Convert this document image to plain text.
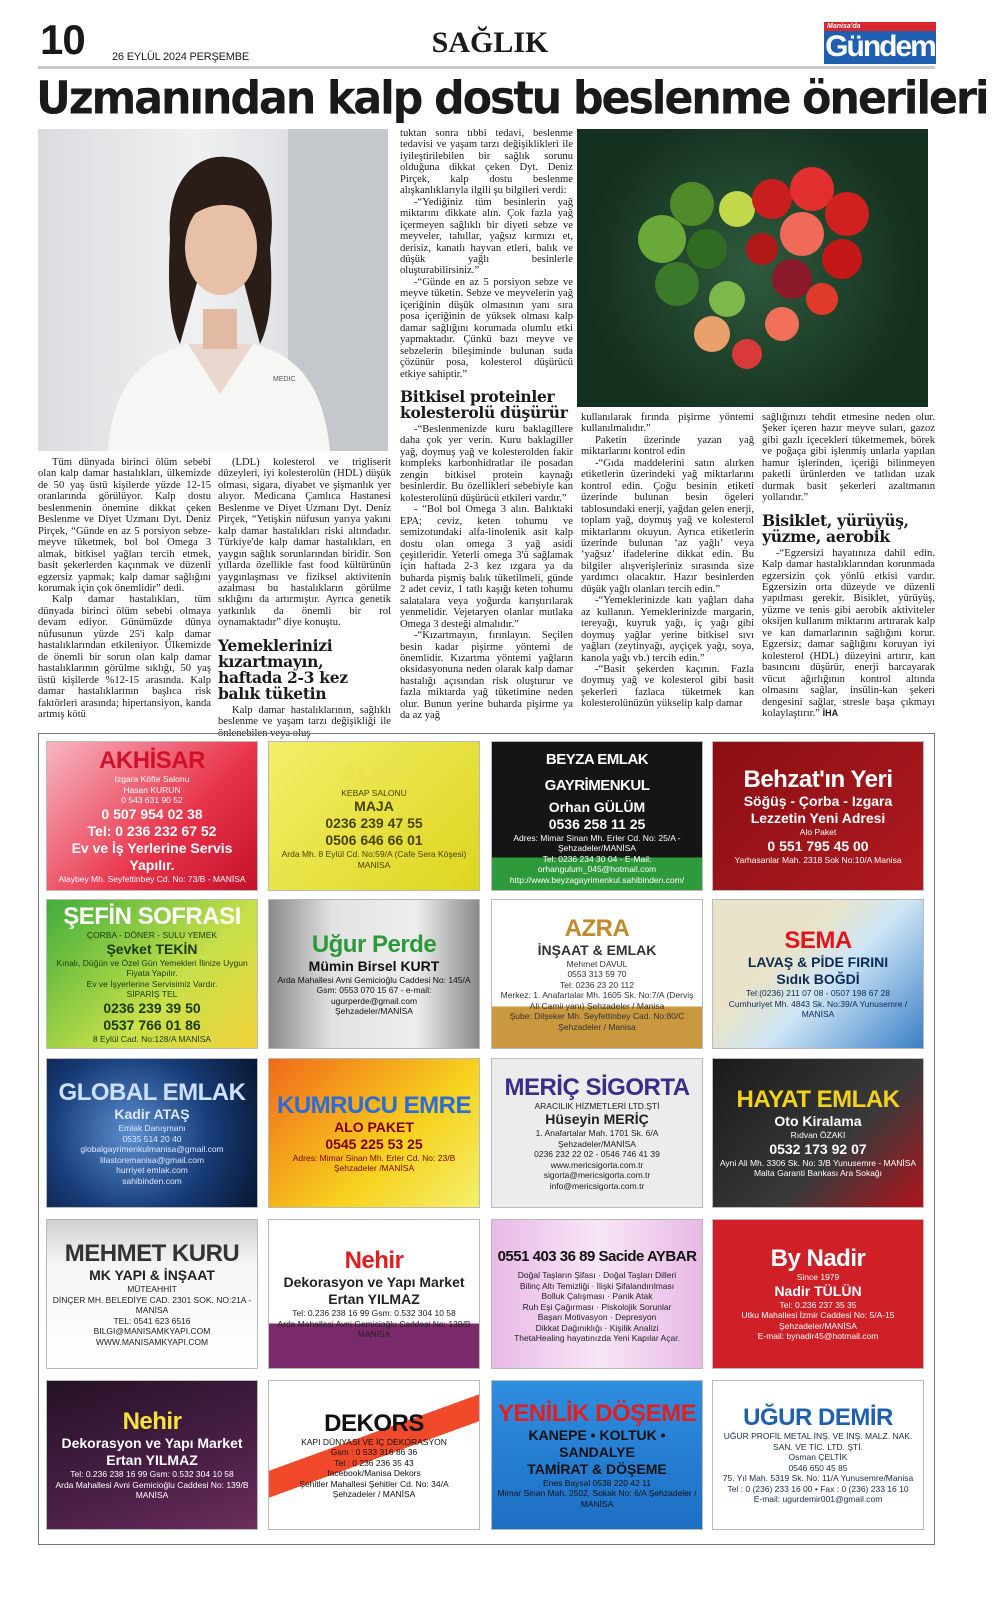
10 26 EYLÜL 2024 PERŞEMBE	SAĞLIK	Manisa'da
Gündem
Uzmanından kalp dostu beslenme önerileri
MEDIC

Tüm dünyada birinci ölüm sebebi olan kalp damar hastalıkları, ülkemizde de 50 yaş üstü kişilerde yüzde 12-15 oranlarında görülüyor. Kalp dostu beslenmenin önemine dikkat çeken Beslenme ve Diyet Uzmanı Dyt. Deniz Pirçek, “Günde en az 5 porsiyon sebze-meyve tüketmek, bol bol Omega 3 almak, bitkisel yağları tercih etmek, basit şekerlerden kaçınmak ve düzenli egzersiz yapmak; kalp damar sağlığını korumak için çok önemlidir” dedi.

Kalp damar hastalıkları, tüm dünyada birinci ölüm sebebi olmaya devam ediyor. Günümüzde dünya nüfusunun yüzde 25'i kalp damar hastalıklarından etkileniyor. Ülkemizde de önemli bir sorun olan kalp damar hastalıklarının görülme sıklığı, 50 yaş üstü kişilerde %12-15 arasında. Kalp damar hastalıklarının başlıca risk faktörleri arasında; hipertansiyon, kanda artmış kötü

(LDL) kolesterol ve trigliserit düzeyleri, iyi kolesterolün (HDL) düşük olması, sigara, diyabet ve şişmanlık yer alıyor. Medicana Çamlıca Hastanesi Beslenme ve Diyet Uzmanı Dyt. Deniz Pirçek, “Yetişkin nüfusun yarıya yakını kalp damar hastalıkları riski altındadır. Türkiye'de kalp damar hastalıkları, en yaygın sağlık sorunlarından biridir. Son yıllarda özellikle fast food kültürünün yaygınlaşması ve fiziksel aktivitenin azalması bu hastalıkların görülme sıklığını da artırmıştır. Ayrıca genetik yatkınlık da önemli bir rol oynamaktadır” diye konuştu.

Yemeklerinizi kızartmayın, haftada 2-3 kez balık tüketin

Kalp damar hastalıklarının, sağlıklı beslenme ve yaşam tarzı değişikliği ile önlenebilen veya oluş-

tuktan sonra tıbbi tedavi, beslenme tedavisi ve yaşam tarzı değişiklikleri ile iyileştirilebilen bir sağlık sorunu olduğuna dikkat çeken Dyt. Deniz Pirçek, kalp dostu beslenme alışkanlıklarıyla ilgili şu bilgileri verdi:

-“Yediğiniz tüm besinlerin yağ miktarını dikkate alın. Çok fazla yağ içermeyen sağlıklı bir diyeti sebze ve meyveler, tahıllar, yağsız kırmızı et, derisiz, kanatlı hayvan etleri, balık ve düşük yağlı besinlerle oluşturabilirsiniz.”

-“Günde en az 5 porsiyon sebze ve meyve tüketin. Sebze ve meyvelerin yağ içeriğinin düşük olmasının yanı sıra posa içeriğinin de yüksek olması kalp damar sağlığını korumada olumlu etki yapmaktadır. Çünkü bazı meyve ve sebzelerin bileşiminde bulunan suda çözünür posa, kolesterol düşürücü etkiye sahiptir.”

Bitkisel proteinler kolesterolü düşürür

-“Beslenmenizde kuru baklagillere daha çok yer verin. Kuru baklagiller yağ, doymuş yağ ve kolesterolden fakir kompleks karbonhidratlar ile posadan zengin bitkisel protein kaynağı besinlerdir. Bu özellikleri sebebiyle kan kolesterolünü düşürücü etkileri vardır.”

- “Bol bol Omega 3 alın. Balıktaki EPA; ceviz, keten tohumu ve semizotundaki alfa-linolenik asit kalp dostu olan omega 3 yağ asidi çeşitleridir. Yeterli omega 3'ü sağlamak için haftada 2-3 kez ızgara ya da buharda pişmiş balık tüketilmeli, günde 2 adet ceviz, 1 tatlı kaşığı keten tohumu salatalara veya yoğurda karıştırılarak yenmelidir. Vejetaryen olanlar mutlaka Omega 3 desteği almalıdır.”

-“Kızartmayın, fırınlayın. Seçilen besin kadar pişirme yöntemi de önemlidir. Kızartma yöntemi yağların oksidasyonuna neden olarak kalp damar hastalığı açısından risk oluşturur ve fazla miktarda yağ tüketimine neden olur. Bunun yerine buharda pişirme ya da az yağ

kullanılarak fırında pişirme yöntemi kullanılmalıdır.”

Paketin üzerinde yazan yağ miktarlarını kontrol edin

-“Gıda maddelerini satın alırken etiketlerin üzerindeki yağ miktarlarını kontrol edin. Çoğu besinin etiketi üzerinde bulunan besin ögeleri tablosundaki enerji, yağdan gelen enerji, toplam yağ, doymuş yağ ve kolesterol miktarlarını okuyun. Ayrıca etiketlerin üzerinde bulunan ‘az yağlı’ veya ‘yağsız’ ifadelerine dikkat edin. Bu bilgiler alışverişleriniz sırasında size yardımcı olacaktır. Hazır besinlerden düşük yağlı olanları tercih edin.”

-“Yemeklerinizde katı yağları daha az kullanın. Yemeklerinizde margarin, tereyağı, kuyruk yağı, iç yağı gibi doymuş yağlar yerine bitkisel sıvı yağları (zeytinyağı, ayçiçek yağı, soya, kanola yağı vb.) tercih edin.”

-“Basit şekerden kaçının. Fazla doymuş yağ ve kolesterol gibi basit şekerleri fazlaca tüketmek kan kolesterolünüzün yükselip kalp damar

sağlığınızı tehdit etmesine neden olur. Şeker içeren hazır meyve suları, gazoz gibi gazlı içecekleri tüketmemek, börek ve poğaça gibi işlenmiş unlarla yapılan hamur işlerinden, içeriği bilinmeyen paketli ürünlerden ve tatlıdan uzak durmak basit şekerleri azaltmanın yollarıdır.”

Bisiklet, yürüyüş, yüzme, aerobik

-“Egzersizi hayatınıza dahil edin. Kalp damar hastalıklarından korunmada egzersizin çok yönlü etkisi vardır. Egzersizin orta düzeyde ve düzenli yapılması gerekir. Bisiklet, yürüyüş, yüzme ve tenis gibi aerobik aktiviteler oksijen kullanım miktarını artırarak kalp ve kan damarlarının sağlığını korur. Egzersiz; damar sağlığını koruyan iyi kolesterol (HDL) düzeyini artırır, kan basıncını düşürür, enerji harcayarak vücut ağırlığının kontrol altında olmasını sağlar, insülin-kan şekeri dengesini sağlar, stresle başa çıkmayı kolaylaştırır.” İHA

AKHİSAR
Izgara Köfte Salonu
Hasan KURUN
0 543 631 90 52
0 507 954 02 38
Tel: 0 236 232 67 52
Ev ve İş Yerlerine Servis Yapılır.
Alaybey Mh. Seyfettinbey Cd. No: 73/B - MANİSA
ALTIN
KEBAP SALONU
MAJA
0236 239 47 55
0506 646 66 01
Arda Mh. 8 Eylül Cd. No:59/A (Cafe Sera Köşesi) MANİSA
BEYZA EMLAK GAYRİMENKUL
Orhan GÜLÜM
0536 258 11 25
Adres: Mimar Sinan Mh. Erler Cd. No: 25/A - Şehzadeler/MANİSA
Tel: 0236 234 30 04 - E-Mail: orhangulum_045@hotmail.com
http://www.beyzagayrimenkul.sahibinden.com/
Behzat'ın Yeri
Söğüş - Çorba - Izgara
Lezzetin Yeni Adresi
Alo Paket
0 551 795 45 00
Yarhasanlar Mah. 2318 Sok No:10/A Manisa
ŞEFİN SOFRASI
ÇORBA - DÖNER - SULU YEMEK
Şevket TEKİN
Kınalı, Düğün ve Özel Gün Yemekleri İlinize Uygun Fiyata Yapılır.
Ev ve İşyerlerine Servisimiz Vardır.
SİPARİŞ TEL
0236 239 39 50
0537 766 01 86
8 Eylül Cad. No:128/A MANİSA
Uğur Perde
Mümin Birsel KURT
Arda Mahallesi Avni Gemicioğlu Caddesi No: 145/A
Gsm: 0553 070 15 67 - e-mail: ugurperde@gmail.com
Şehzadeler/MANİSA
AZRA
İNŞAAT & EMLAK
Mehmet DAVUL
0553 313 59 70
Tel: 0236 23 20 112
Merkez: 1. Anafartalar Mh. 1605 Sk. No:7/A (Derviş Ali Camii yanı) Şehzadeler / Manisa
Şube: Dilşeker Mh. Seyfettinbey Cad. No:80/C Şehzadeler / Manisa
SEMA
LAVAŞ & PİDE FIRINI
Sıdık BOĞDİ
Tel:(0236) 211 07 08 - 0507 198 67 28
Cumhuriyet Mh. 4843 Sk. No:39/A Yunusemre / MANİSA
GLOBAL EMLAK
Kadir ATAŞ
Emlak Danışmanı
0535 514 20 40
globalgayrimenkulmanisa@gmail.com
lilastoremanisa@gmail.com
hurriyet emlak.com
sahibinden.com
KUMRUCU EMRE
ALO PAKET
0545 225 53 25
Adres: Mimar Sinan Mh. Erler Cd. No: 23/B
Şehzadeler /MANİSA
MERİÇ SİGORTA
ARACILIK HİZMETLERİ LTD.ŞTİ
Hüseyin MERİÇ
1. Anafartalar Mah. 1701 Sk. 6/A Şehzadeler/MANİSA
0236 232 22 02 - 0546 746 41 39
www.mericsigorta.com.tr
sigorta@mericsigorta.com.tr
info@mericsigorta.com.tr
HAYAT EMLAK
Oto Kiralama
Rıdvan ÖZAKI
0532 173 92 07
Ayni Ali Mh. 3306 Sk. No: 3/B Yunusemre - MANİSA
Malta Garanti Bankası Ara Sokağı
MEHMET KURU
MK YAPI & İNŞAAT
MÜTEAHHİT
DİNÇER MH. BELEDİYE CAD. 2301 SOK. NO:21A - MANİSA
TEL: 0541 623 6516
BILGI@MANISAMKYAPI.COM WWW.MANISAMKYAPI.COM
Nehir
Dekorasyon ve Yapı Market
Ertan YILMAZ
Tel: 0.236 238 16 99 Gsm: 0.532 304 10 58
Arda Mahallesi Avni Gemicioğlu Caddesi No: 139/B MANİSA
0551 403 36 89 Sacide AYBAR
Doğal Taşların Şifası · Doğal Taşları Dilleri
Bilinç Altı Temizliği · İlişki Şifalandırılması
Bolluk Çalışması · Panik Atak
Ruh Eşi Çağırması · Piskolojik Sorunlar
Başarı Motivasyon · Depresyon
Dikkat Dağınıklığı · Kişilik Analizi
ThetaHealing hayatınızda Yeni Kapılar Açar.
By Nadir
Since 1979
Nadir TÜLÜN
Tel: 0.236 237 35 35
Utku Mahallesi İzmir Caddesi No: 5/A-15 Şehzadeler/MANİSA
E-mail: bynadir45@hotmail.com
Nehir
Dekorasyon ve Yapı Market
Ertan YILMAZ
Tel: 0.236 238 16 99 Gsm: 0.532 304 10 58
Arda Mahallesi Avni Gemicioğlu Caddesi No: 139/B MANİSA
DEKORS
KAPI DÜNYASI VE İÇ DEKORASYON
Gsm : 0 533 316 86 36
Tel : 0 236 236 35 43
facebook/Manisa Dekors
Şehitler Mahallesi Şehitler Cd. No: 34/A
Şehzadeler / MANİSA
YENİLİK DÖŞEME
KANEPE • KOLTUK • SANDALYE
TAMİRAT & DÖŞEME
Enes Baysal 0538 220 42 11
Mimar Sinan Mah. 2502. Sokak No: 6/A Şehzadeler / MANİSA
UĞUR DEMİR
UĞUR PROFİL METAL İNŞ. VE İNŞ. MALZ. NAK. SAN. VE TİC. LTD. ŞTİ.
Osman ÇELTİK
0546 650 45 85
75. Yıl Mah. 5319 Sk. No: 11/A Yunusemre/Manisa
Tel : 0 (236) 233 16 00 • Fax : 0 (236) 233 16 10
E-mail: ugurdemir001@gmail.com
